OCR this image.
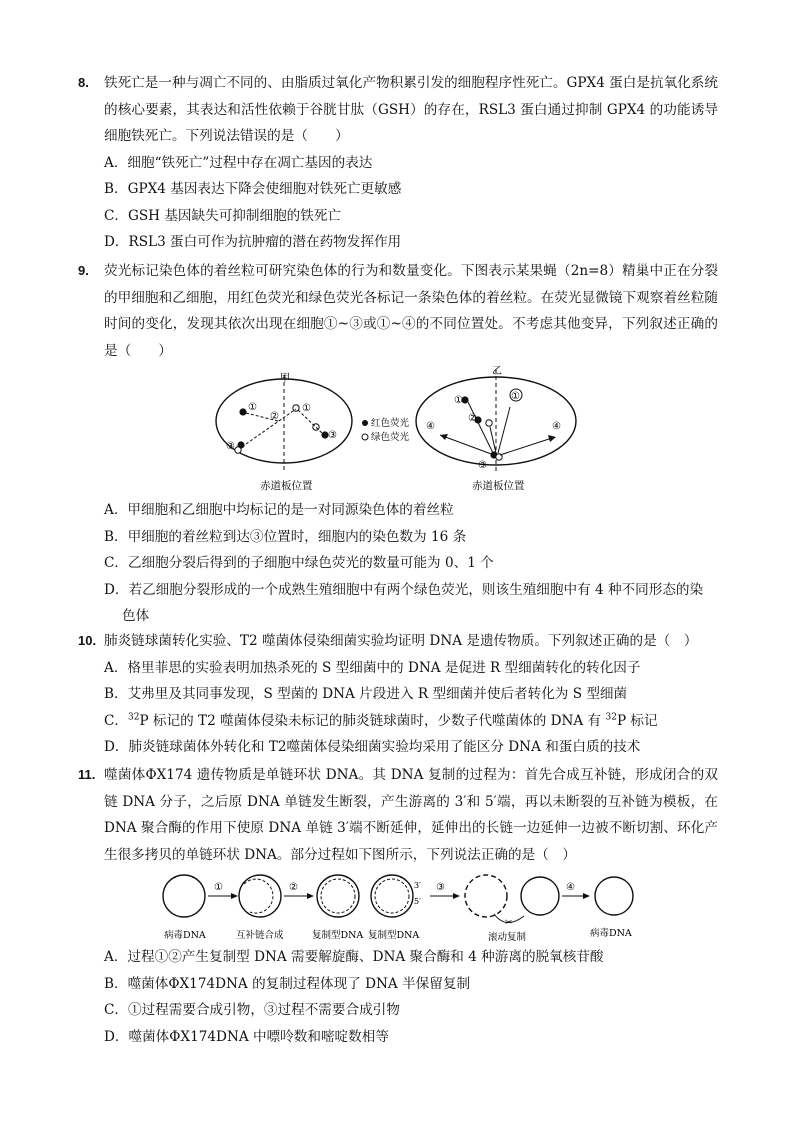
8. 铁死亡是一种与凋亡不同的、由脂质过氧化产物积累引发的细胞程序性死亡。GPX4 蛋白是抗氧化系统的核心要素，其表达和活性依赖于谷胱甘肽（GSH）的存在，RSL3 蛋白通过抑制 GPX4 的功能诱导细胞铁死亡。下列说法错误的是（　　）
A．细胞“铁死亡”过程中存在凋亡基因的表达
B．GPX4 基因表达下降会使细胞对铁死亡更敏感
C．GSH 基因缺失可抑制细胞的铁死亡
D．RSL3 蛋白可作为抗肿瘤的潜在药物发挥作用
9. 荧光标记染色体的着丝粒可研究染色体的行为和数量变化。下图表示某果蝇（2n=8）精巢中正在分裂的甲细胞和乙细胞，用红色荧光和绿色荧光各标记一条染色体的着丝粒。在荧光显微镜下观察着丝粒随时间的变化，发现其依次出现在细胞①~③或①~④的不同位置处。不考虑其他变异，下列叙述正确的是（　　）
甲
①
②
③
③
①
赤道板位置
红色荧光
绿色荧光
乙
①
②
①
④	④
③
赤道板位置
A．甲细胞和乙细胞中均标记的是一对同源染色体的着丝粒
B．甲细胞的着丝粒到达③位置时，细胞内的染色数为 16 条
C．乙细胞分裂后得到的子细胞中绿色荧光的数量可能为 0、1 个
D．若乙细胞分裂形成的一个成熟生殖细胞中有两个绿色荧光，则该生殖细胞中有 4 种不同形态的染
色体
10. 肺炎链球菌转化实验、T2 噬菌体侵染细菌实验均证明 DNA 是遗传物质。下列叙述正确的是（　）
A．格里菲思的实验表明加热杀死的 S 型细菌中的 DNA 是促进 R 型细菌转化的转化因子
B．艾弗里及其同事发现，S 型菌的 DNA 片段进入 R 型细菌并使后者转化为 S 型细菌
C．$^{32}$P 标记的 T2 噬菌体侵染未标记的肺炎链球菌时，少数子代噬菌体的 DNA 有 $^{32}$P 标记
D．肺炎链球菌体外转化和 T2噬菌体侵染细菌实验均采用了能区分 DNA 和蛋白质的技术
11. 噬菌体ΦX174 遗传物质是单链环状 DNA。其 DNA 复制的过程为：首先合成互补链，形成闭合的双链 DNA 分子，之后原 DNA 单链发生断裂，产生游离的 3′和 5′端，再以未断裂的互补链为模板，在 DNA 聚合酶的作用下使原 DNA 单链 3′端不断延伸，延伸出的长链一边延伸一边被不断切割、环化产生很多拷贝的单链环状 DNA。部分过程如下图所示，下列说法正确的是（　）
①	②	3′
5′
③
✂
④
病毒DNA	互补链合成	复制型DNA 复制型DNA	滚动复制	病毒DNA
A．过程①②产生复制型 DNA 需要解旋酶、DNA 聚合酶和 4 种游离的脱氧核苷酸
B．噬菌体ΦX174DNA 的复制过程体现了 DNA 半保留复制
C．①过程需要合成引物，③过程不需要合成引物
D．噬菌体ΦX174DNA 中嘌呤数和嘧啶数相等
